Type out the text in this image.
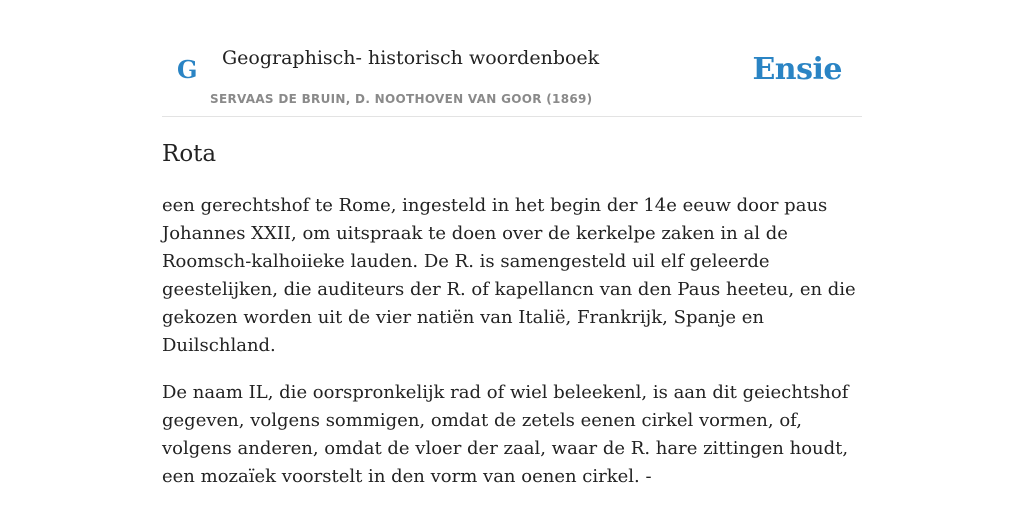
G Geographisch- historisch woordenboek
SERVAAS DE BRUIN, D. NOOTHOVEN VAN GOOR (1869)
Ensie
Rota

een gerechtshof te Rome, ingesteld in het begin der 14e eeuw door paus Johannes XXII, om uitspraak te doen over de kerkelpe zaken in al de Roomsch-kalhoiieke lauden. De R. is samengesteld uil elf geleerde geestelijken, die auditeurs der R. of kapellancn van den Paus heeteu, en die gekozen worden uit de vier natiën van Italië, Frankrijk, Spanje en Duilschland.

De naam IL, die oorspronkelijk rad of wiel beleekenl, is aan dit geiechtshof gegeven, volgens sommigen, omdat de zetels eenen cirkel vormen, of, volgens anderen, omdat de vloer der zaal, waar de R. hare zittingen houdt, een mozaïek voorstelt in den vorm van oenen cirkel. -
